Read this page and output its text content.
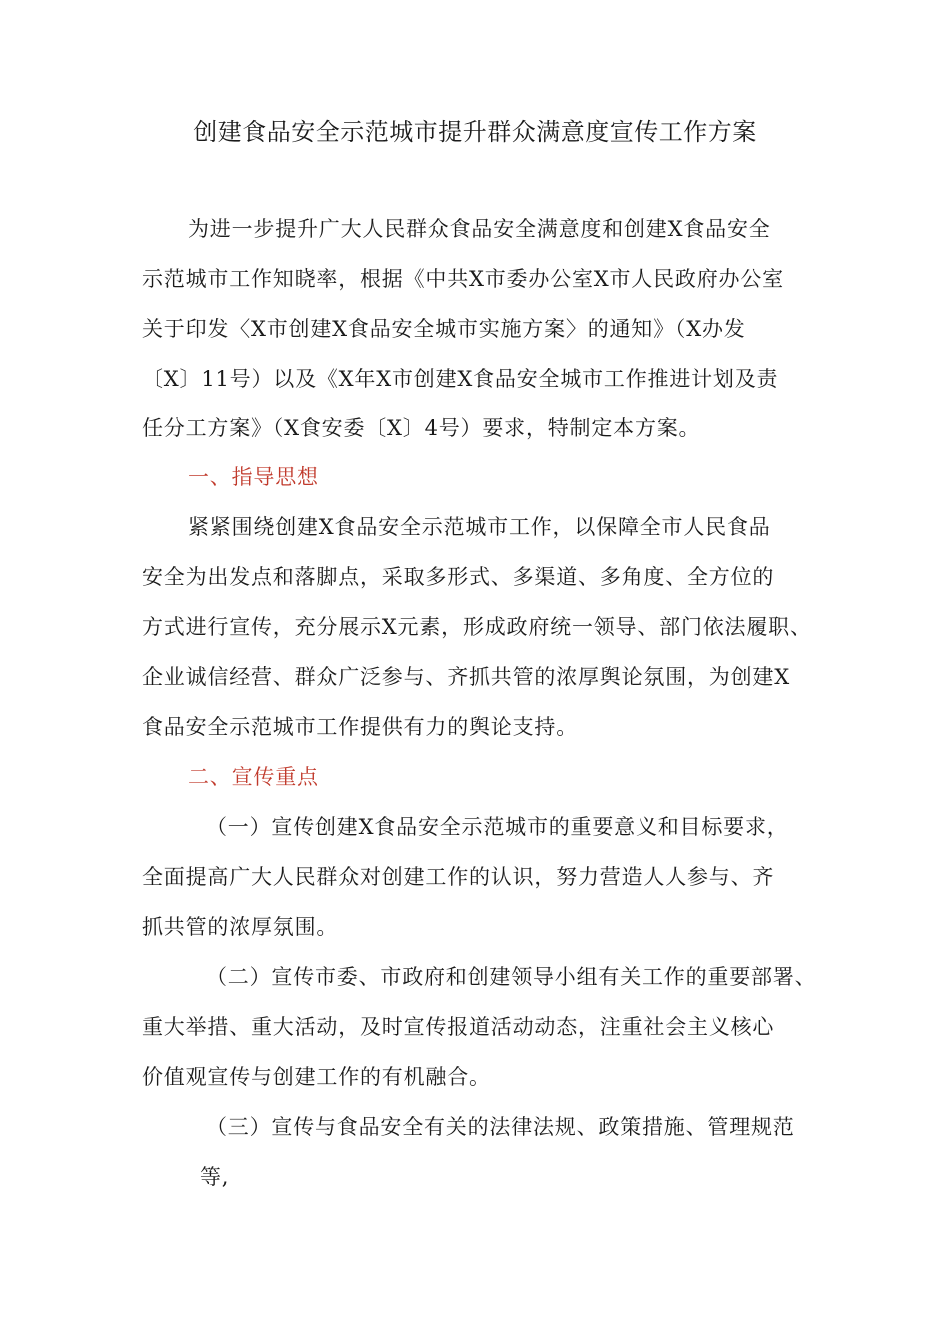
创建食品安全示范城市提升群众满意度宣传工作方案
为进一步提升广大人民群众食品安全满意度和创建X食品安全
示范城市工作知晓率，根据《中共X市委办公室X市人民政府办公室
关于印发〈X市创建X食品安全城市实施方案〉的通知》（X办发
〔X〕11号）以及《X年X市创建X食品安全城市工作推进计划及责
任分工方案》（X食安委〔X〕4号）要求，特制定本方案。
一、指导思想
紧紧围绕创建X食品安全示范城市工作，以保障全市人民食品
安全为出发点和落脚点，采取多形式、多渠道、多角度、全方位的
方式进行宣传，充分展示X元素，形成政府统一领导、部门依法履职、
企业诚信经营、群众广泛参与、齐抓共管的浓厚舆论氛围，为创建X
食品安全示范城市工作提供有力的舆论支持。
二、宣传重点
（一）宣传创建X食品安全示范城市的重要意义和目标要求，
全面提高广大人民群众对创建工作的认识，努力营造人人参与、齐
抓共管的浓厚氛围。
（二）宣传市委、市政府和创建领导小组有关工作的重要部署、
重大举措、重大活动，及时宣传报道活动动态，注重社会主义核心
价值观宣传与创建工作的有机融合。
（三）宣传与食品安全有关的法律法规、政策措施、管理规范
等,
